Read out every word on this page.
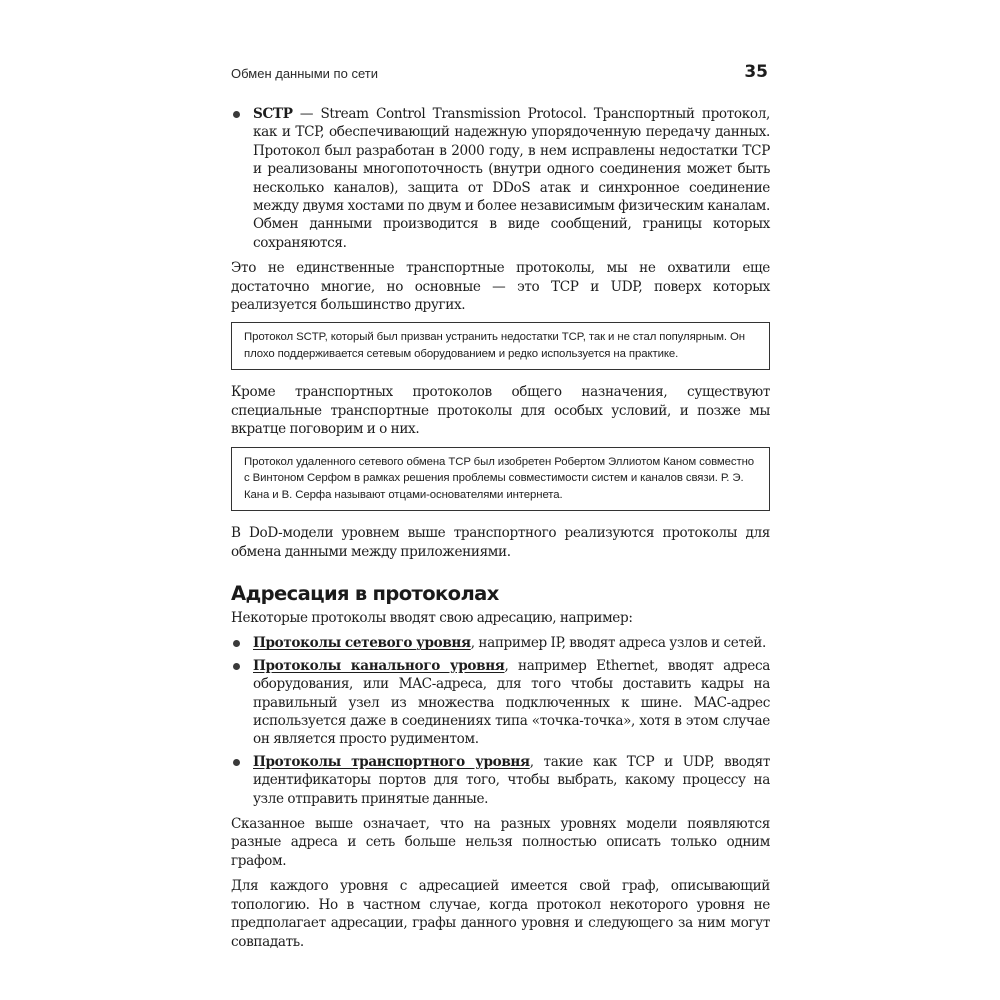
Обмен данными по сети	35
SCTP — Stream Control Transmission Protocol. Транспортный протокол, как и TCP, обеспечивающий надежную упорядоченную передачу данных. Протокол был разработан в 2000 году, в нем исправлены недостатки TCP и реализованы многопоточность (внутри одного соединения может быть несколько каналов), защита от DDoS атак и синхронное соединение между двумя хостами по двум и более независимым физическим каналам. Обмен данными производится в виде сообщений, границы которых сохраняются.

Это не единственные транспортные протоколы, мы не охватили еще достаточно многие, но основные — это TCP и UDP, поверх которых реализуется большинство других.

Протокол SCTP, который был призван устранить недостатки TCP, так и не стал популярным. Он плохо поддерживается сетевым оборудованием и редко используется на практике.

Кроме транспортных протоколов общего назначения, существуют специальные транспортные протоколы для особых условий, и позже мы вкратце поговорим и о них.

Протокол удаленного сетевого обмена TCP был изобретен Робертом Эллиотом Каном совместно с Винтоном Серфом в рамках решения проблемы совместимости систем и каналов связи. Р. Э. Кана и В. Серфа называют отцами-основателями интернета.

В DoD-модели уровнем выше транспортного реализуются протоколы для обмена данными между приложениями.

Адресация в протоколах

Некоторые протоколы вводят свою адресацию, например:

Протоколы сетевого уровня, например IP, вводят адреса узлов и сетей.
Протоколы канального уровня, например Ethernet, вводят адреса оборудования, или MAC-адреса, для того чтобы доставить кадры на правильный узел из множества подключенных к шине. MAC-адрес используется даже в соединениях типа «точка-точка», хотя в этом случае он является просто рудиментом.
Протоколы транспортного уровня, такие как TCP и UDP, вводят идентификаторы портов для того, чтобы выбрать, какому процессу на узле отправить принятые данные.

Сказанное выше означает, что на разных уровнях модели появляются разные адреса и сеть больше нельзя полностью описать только одним графом.

Для каждого уровня с адресацией имеется свой граф, описывающий топологию. Но в частном случае, когда протокол некоторого уровня не предполагает адресации, графы данного уровня и следующего за ним могут совпадать.
